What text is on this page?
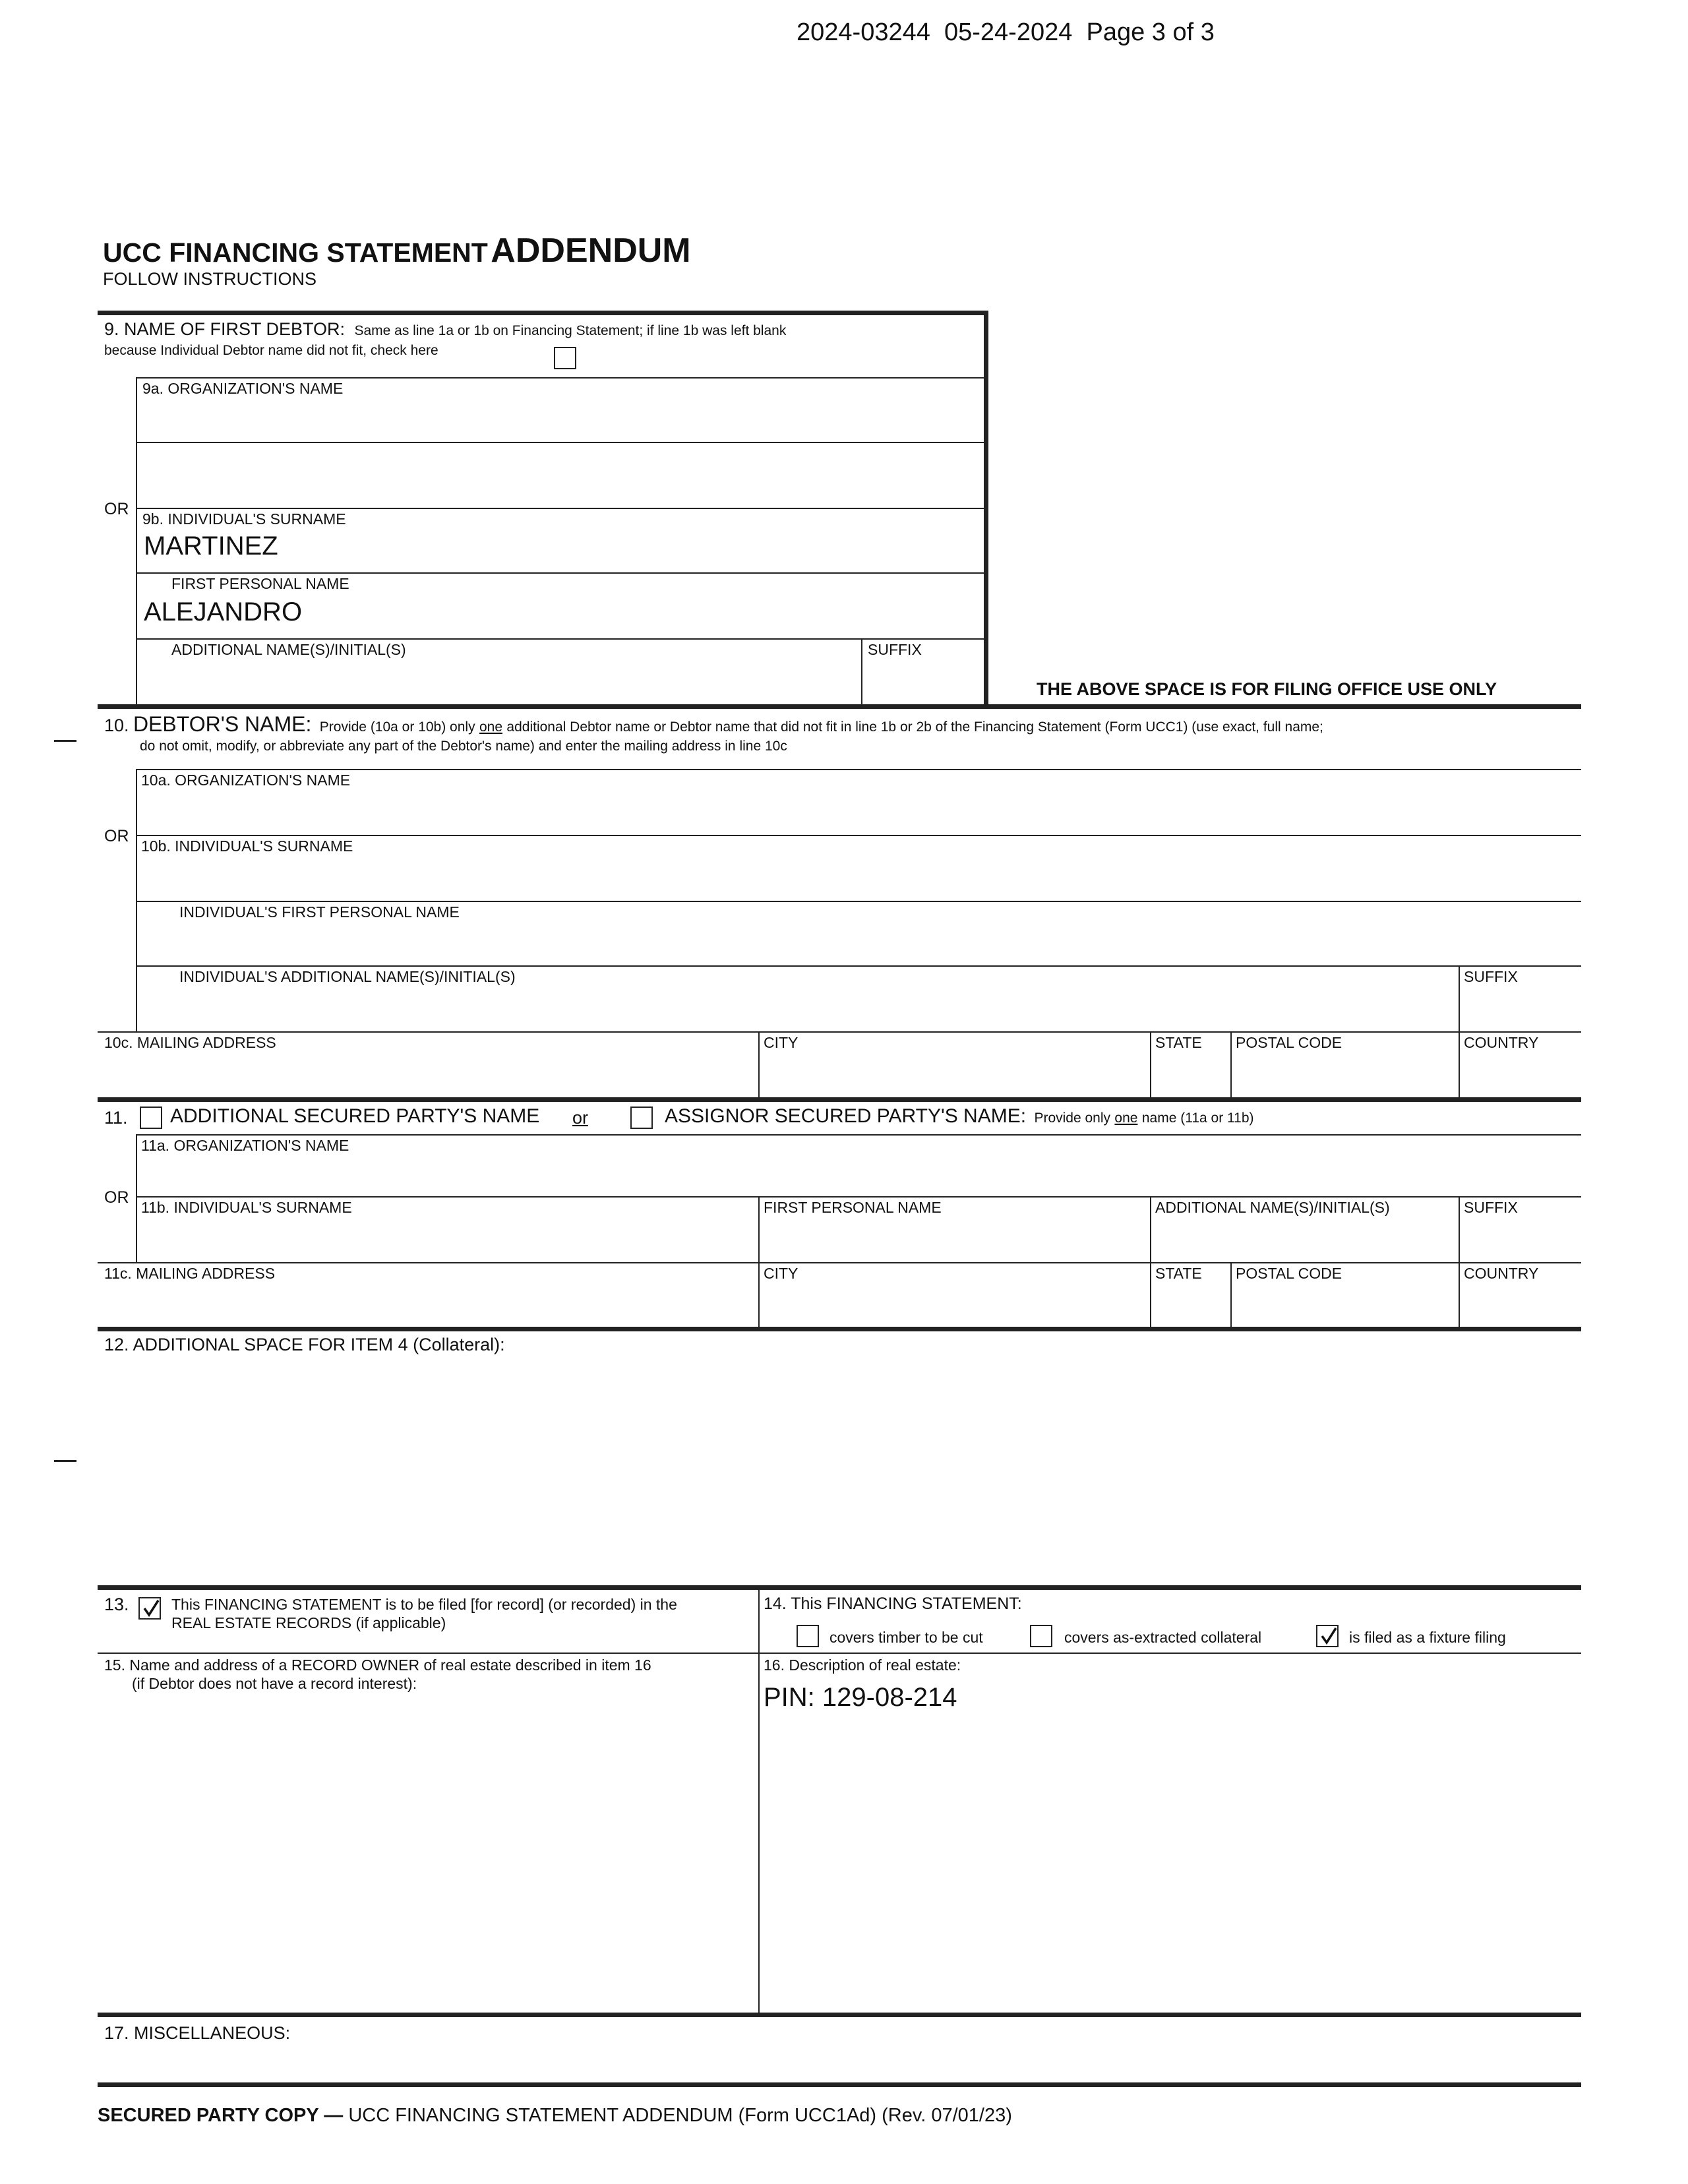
2024-03244  05-24-2024  Page 3 of 3
UCC FINANCING STATEMENT ADDENDUM
FOLLOW INSTRUCTIONS
9. NAME OF FIRST DEBTOR: Same as line 1a or 1b on Financing Statement; if line 1b was left blank
because Individual Debtor name did not fit, check here
9a. ORGANIZATION'S NAME
OR
9b. INDIVIDUAL'S SURNAME
MARTINEZ
FIRST PERSONAL NAME
ALEJANDRO
ADDITIONAL NAME(S)/INITIAL(S)	SUFFIX
THE ABOVE SPACE IS FOR FILING OFFICE USE ONLY
10. DEBTOR'S NAME: Provide (10a or 10b) only one additional Debtor name or Debtor name that did not fit in line 1b or 2b of the Financing Statement (Form UCC1) (use exact, full name;
do not omit, modify, or abbreviate any part of the Debtor's name) and enter the mailing address in line 10c
10a. ORGANIZATION'S NAME
OR
10b. INDIVIDUAL'S SURNAME
INDIVIDUAL'S FIRST PERSONAL NAME
INDIVIDUAL'S ADDITIONAL NAME(S)/INITIAL(S)	SUFFIX
10c. MAILING ADDRESS	CITY	STATE POSTAL CODE	COUNTRY
11. ADDITIONAL SECURED PARTY'S NAME or	ASSIGNOR SECURED PARTY'S NAME: Provide only one name (11a or 11b)
11a. ORGANIZATION'S NAME
OR
11b. INDIVIDUAL'S SURNAME	FIRST PERSONAL NAME	ADDITIONAL NAME(S)/INITIAL(S)	SUFFIX
11c. MAILING ADDRESS	CITY	STATE POSTAL CODE	COUNTRY
12. ADDITIONAL SPACE FOR ITEM 4 (Collateral):
13.	This FINANCING STATEMENT is to be filed [for record] (or recorded) in the
REAL ESTATE RECORDS (if applicable)
14. This FINANCING STATEMENT:
covers timber to be cut	covers as-extracted collateral	is filed as a fixture filing
15. Name and address of a RECORD OWNER of real estate described in item 16
(if Debtor does not have a record interest):
16. Description of real estate:
PIN: 129-08-214
17. MISCELLANEOUS:
SECURED PARTY COPY — UCC FINANCING STATEMENT ADDENDUM (Form UCC1Ad) (Rev. 07/01/23)
